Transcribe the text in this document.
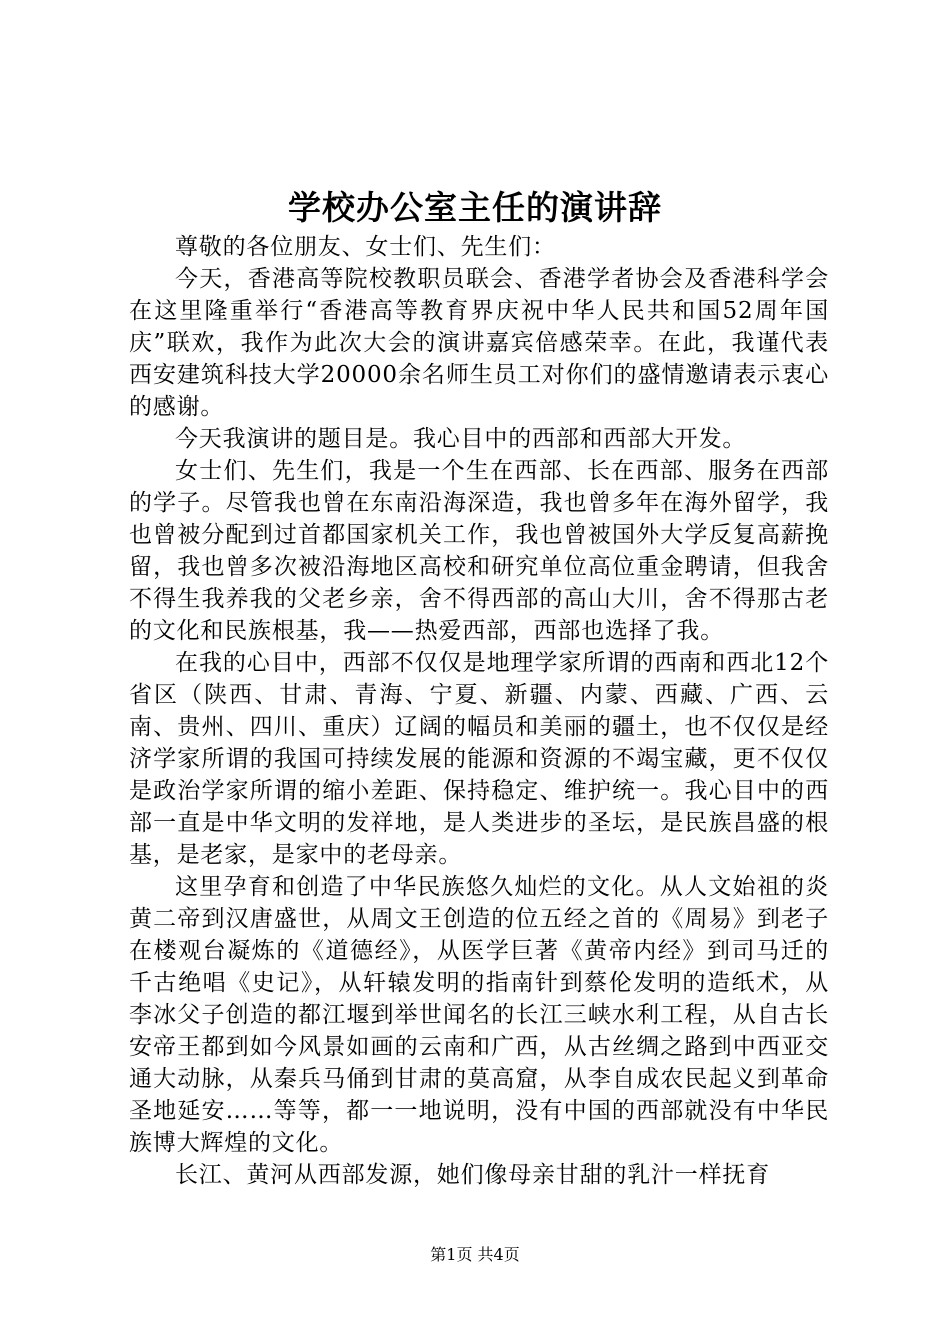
学校办公室主任的演讲辞

尊敬的各位朋友、女士们、先生们：

今天，香港高等院校教职员联会、香港学者协会及香港科学会在这里隆重举行“香港高等教育界庆祝中华人民共和国52周年国庆”联欢，我作为此次大会的演讲嘉宾倍感荣幸。在此，我谨代表西安建筑科技大学20000余名师生员工对你们的盛情邀请表示衷心的感谢。

今天我演讲的题目是。我心目中的西部和西部大开发。

女士们、先生们，我是一个生在西部、长在西部、服务在西部的学子。尽管我也曾在东南沿海深造，我也曾多年在海外留学，我也曾被分配到过首都国家机关工作，我也曾被国外大学反复高薪挽留，我也曾多次被沿海地区高校和研究单位高位重金聘请，但我舍不得生我养我的父老乡亲，舍不得西部的高山大川，舍不得那古老的文化和民族根基，我——热爱西部，西部也选择了我。

在我的心目中，西部不仅仅是地理学家所谓的西南和西北12个省区（陕西、甘肃、青海、宁夏、新疆、内蒙、西藏、广西、云南、贵州、四川、重庆）辽阔的幅员和美丽的疆土，也不仅仅是经济学家所谓的我国可持续发展的能源和资源的不竭宝藏，更不仅仅是政治学家所谓的缩小差距、保持稳定、维护统一。我心目中的西部一直是中华文明的发祥地，是人类进步的圣坛，是民族昌盛的根基，是老家，是家中的老母亲。

这里孕育和创造了中华民族悠久灿烂的文化。从人文始祖的炎黄二帝到汉唐盛世，从周文王创造的位五经之首的《周易》到老子在楼观台凝炼的《道德经》，从医学巨著《黄帝内经》到司马迁的千古绝唱《史记》，从轩辕发明的指南针到蔡伦发明的造纸术，从李冰父子创造的都江堰到举世闻名的长江三峡水利工程，从自古长安帝王都到如今风景如画的云南和广西，从古丝绸之路到中西亚交通大动脉，从秦兵马俑到甘肃的莫高窟，从李自成农民起义到革命圣地延安……等等，都一一地说明，没有中国的西部就没有中华民族博大辉煌的文化。

长江、黄河从西部发源，她们像母亲甘甜的乳汁一样抚育

第1页 共4页
